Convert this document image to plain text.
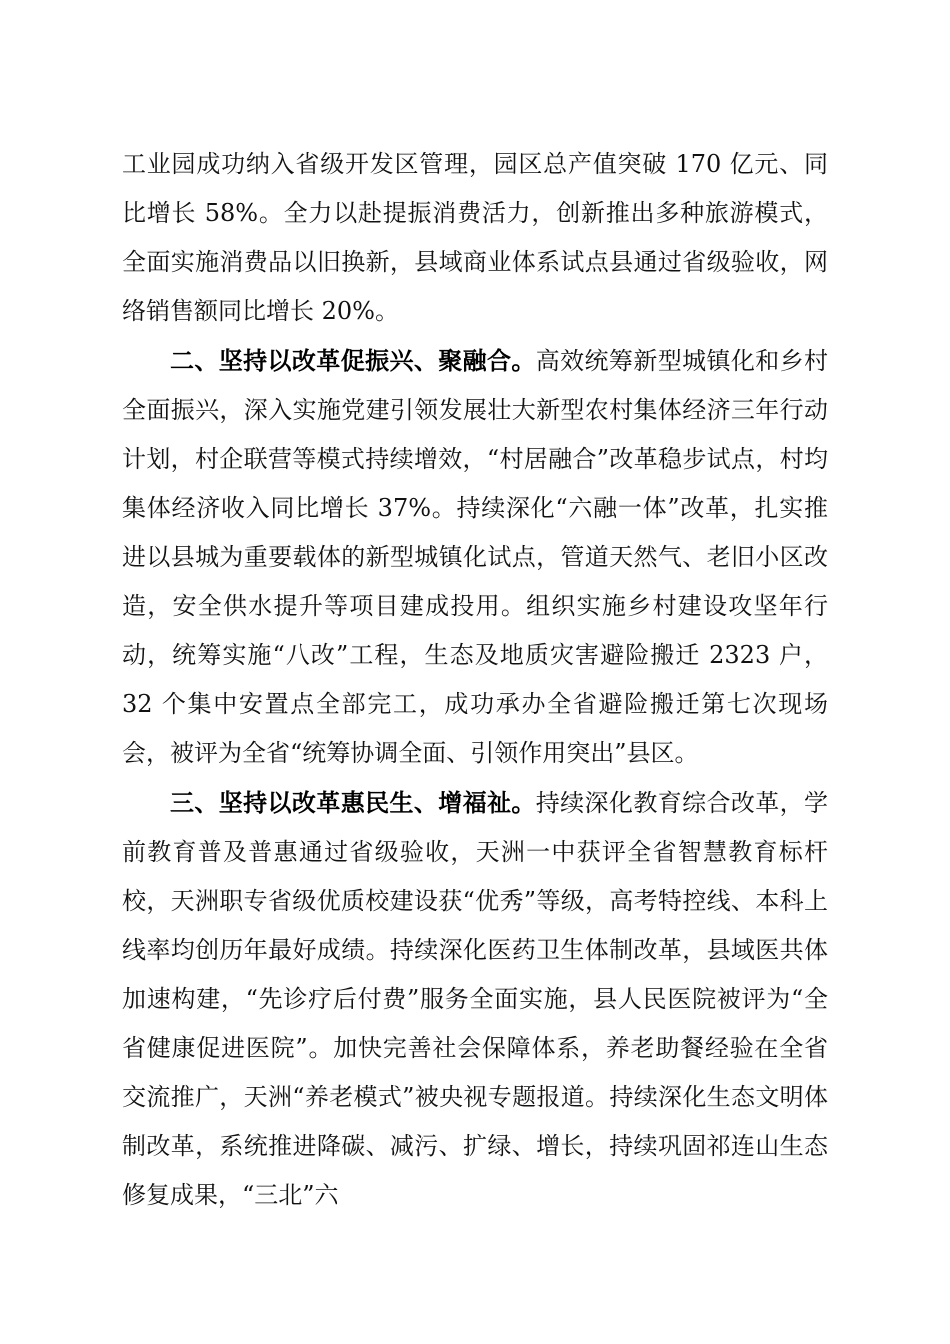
工业园成功纳入省级开发区管理，园区总产值突破 170 亿元、同比增长 58%。全力以赴提振消费活力，创新推出多种旅游模式，全面实施消费品以旧换新，县域商业体系试点县通过省级验收，网络销售额同比增长 20%。

二、坚持以改革促振兴、聚融合。高效统筹新型城镇化和乡村全面振兴，深入实施党建引领发展壮大新型农村集体经济三年行动计划，村企联营等模式持续增效，“村居融合”改革稳步试点，村均集体经济收入同比增长 37%。持续深化“六融一体”改革，扎实推进以县城为重要载体的新型城镇化试点，管道天然气、老旧小区改造，安全供水提升等项目建成投用。组织实施乡村建设攻坚年行动，统筹实施“八改”工程，生态及地质灾害避险搬迁 2323 户，32 个集中安置点全部完工，成功承办全省避险搬迁第七次现场会，被评为全省“统筹协调全面、引领作用突出”县区。

三、坚持以改革惠民生、增福祉。持续深化教育综合改革，学前教育普及普惠通过省级验收，天洲一中获评全省智慧教育标杆校，天洲职专省级优质校建设获“优秀”等级，高考特控线、本科上线率均创历年最好成绩。持续深化医药卫生体制改革，县域医共体加速构建，“先诊疗后付费”服务全面实施，县人民医院被评为“全省健康促进医院”。加快完善社会保障体系，养老助餐经验在全省交流推广，天洲“养老模式”被央视专题报道。持续深化生态文明体制改革，系统推进降碳、减污、扩绿、增长，持续巩固祁连山生态修复成果，“三北”六
